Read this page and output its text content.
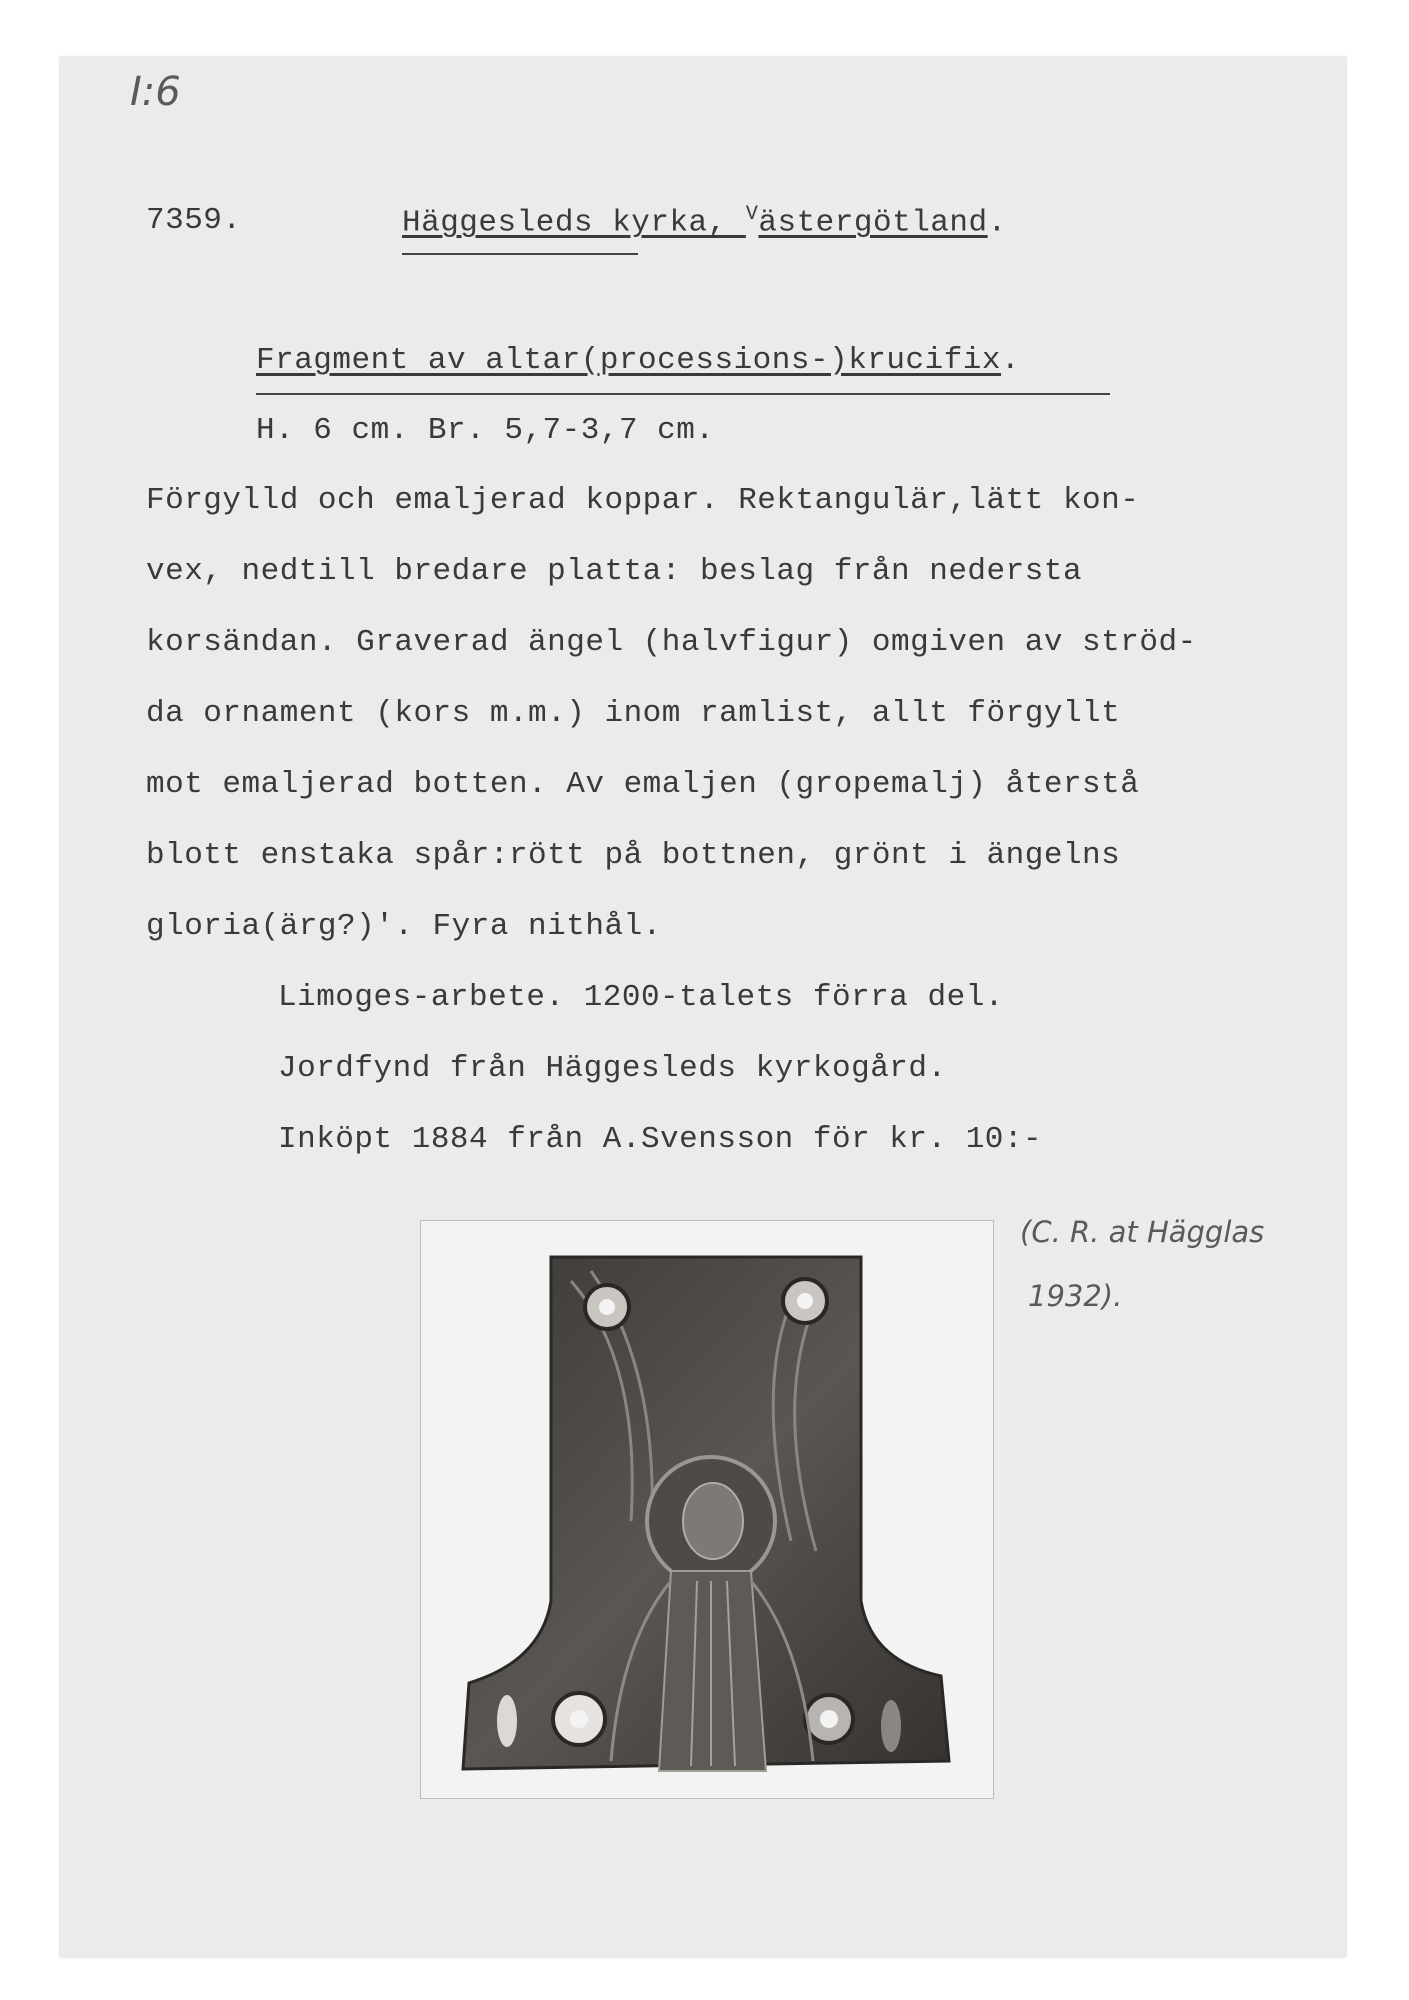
I:6
7359.	Häggesleds kyrka, $^V$ästergötland.
Fragment av altar(processions-)krucifix.
H. 6 cm. Br. 5,7-3,7 cm.
Förgylld och emaljerad koppar. Rektangulär,lätt kon-
vex, nedtill bredare platta: beslag från nedersta
korsändan. Graverad ängel (halvfigur) omgiven av ströd-
da ornament (kors m.m.) inom ramlist, allt förgyllt
mot emaljerad botten. Av emaljen (gropemalj) återstå
blott enstaka spår:rött på bottnen, grönt i ängelns
gloria(ärg?)'. Fyra nithål.
Limoges-arbete. 1200-talets förra del.
Jordfynd från Häggesleds kyrkogård.
Inköpt 1884 från A.Svensson för kr. 10:-
(C. R. at Hägglas
1932).
